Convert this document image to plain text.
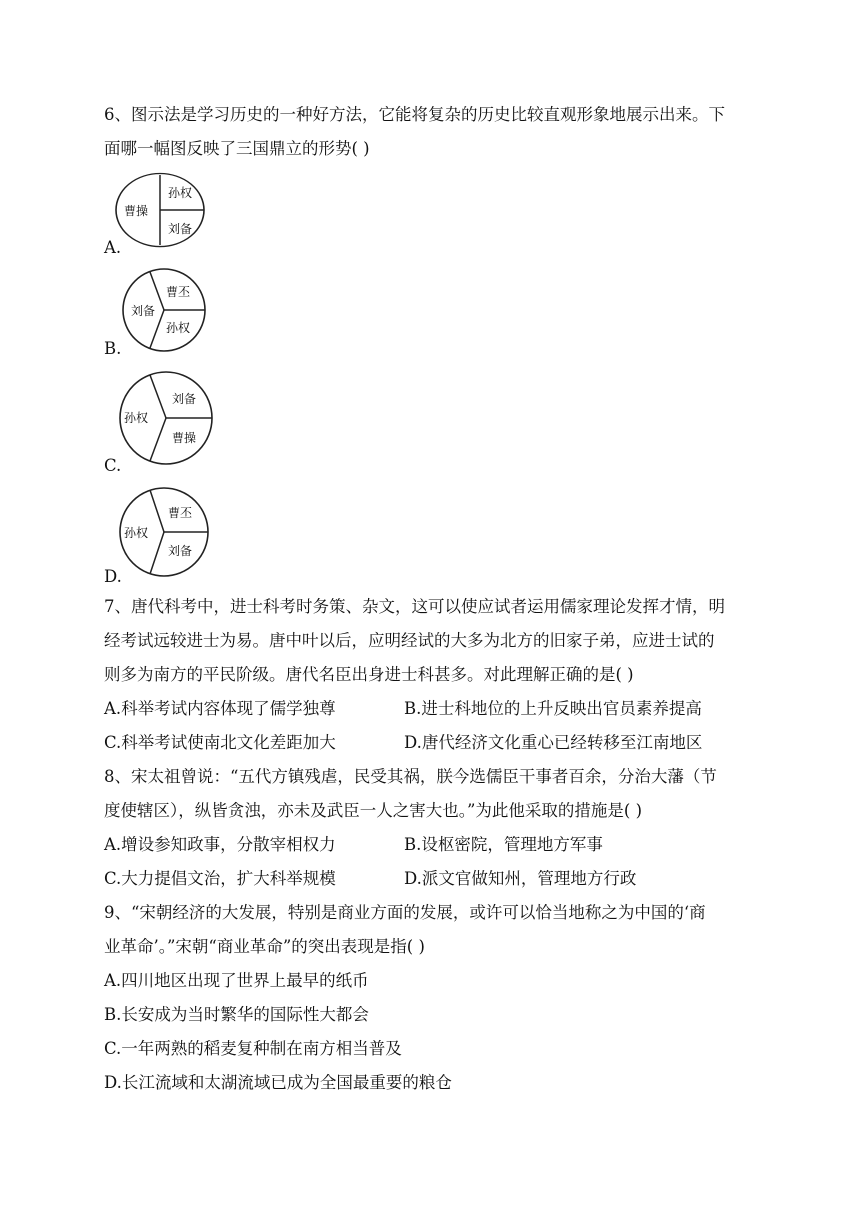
6、图示法是学习历史的一种好方法，它能将复杂的历史比较直观形象地展示出来。下
面哪一幅图反映了三国鼎立的形势( )
孙权
曹操
刘备
A.
曹丕
刘备
孙权
B.
刘备
孙权
曹操
C.
曹丕
孙权
刘备
D.
7、唐代科考中，进士科考时务策、杂文，这可以使应试者运用儒家理论发挥才情，明
经考试远较进士为易。唐中叶以后，应明经试的大多为北方的旧家子弟，应进士试的
则多为南方的平民阶级。唐代名臣出身进士科甚多。对此理解正确的是( )
A.科举考试内容体现了儒学独尊	B.进士科地位的上升反映出官员素养提高
C.科举考试使南北文化差距加大	D.唐代经济文化重心已经转移至江南地区
8、宋太祖曾说：“五代方镇残虐，民受其祸，朕今选儒臣干事者百余，分治大藩（节
度使辖区），纵皆贪浊，亦未及武臣一人之害大也。”为此他采取的措施是( )
A.增设参知政事，分散宰相权力	B.设枢密院，管理地方军事
C.大力提倡文治，扩大科举规模	D.派文官做知州，管理地方行政
9、“宋朝经济的大发展，特别是商业方面的发展，或许可以恰当地称之为中国的‘商
业革命’。”宋朝“商业革命”的突出表现是指( )
A.四川地区出现了世界上最早的纸币
B.长安成为当时繁华的国际性大都会
C.一年两熟的稻麦复种制在南方相当普及
D.长江流域和太湖流域已成为全国最重要的粮仓
